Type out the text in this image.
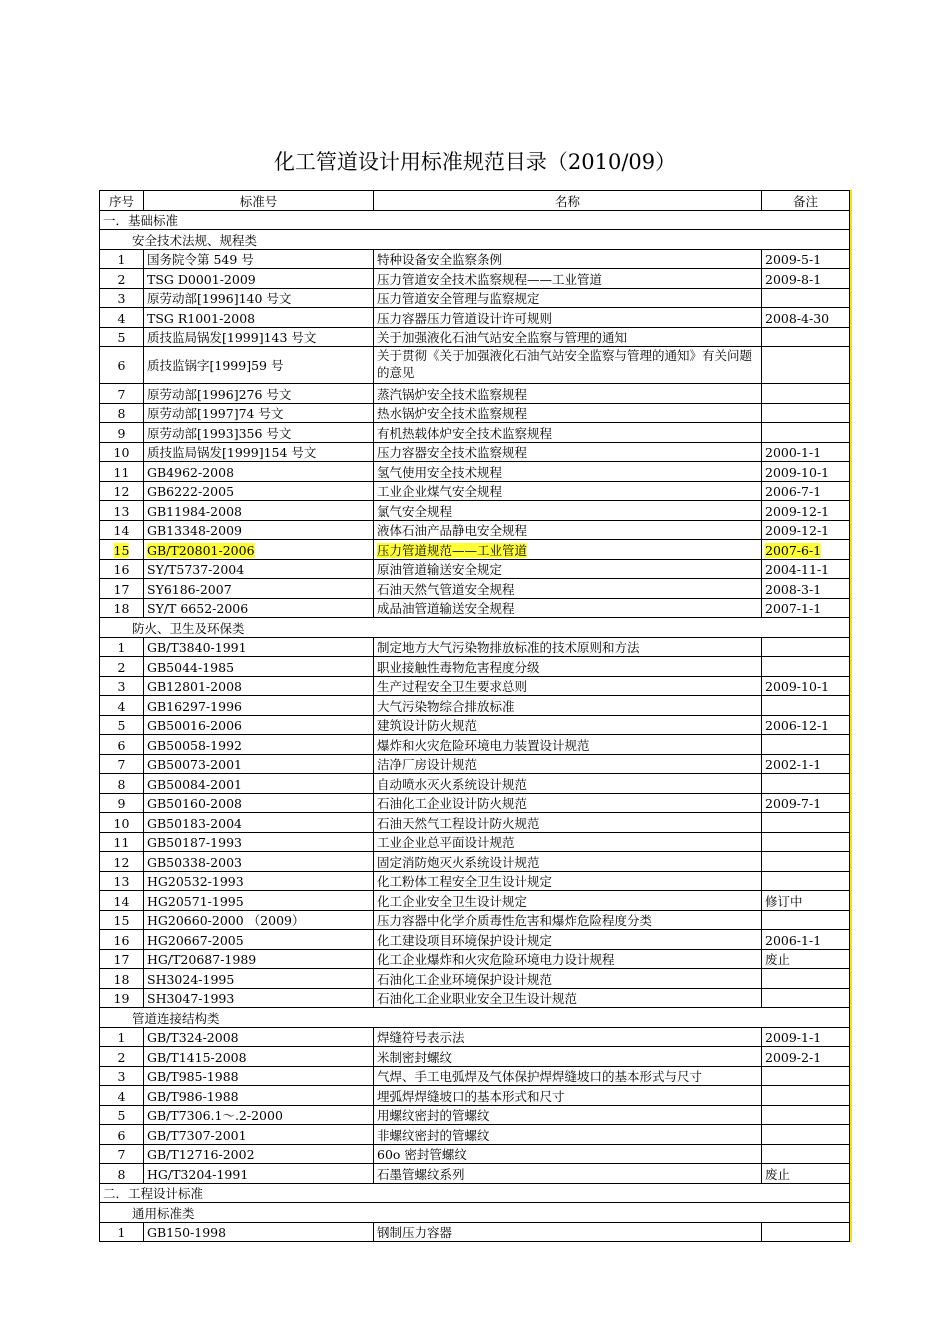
化工管道设计用标准规范目录（2010/09）
序号	标准号	名称	备注
一．基础标准			
安全技术法规、规程类			
1	国务院令第 549 号	特种设备安全监察条例	2009-5-1
2	TSG D0001-2009	压力管道安全技术监察规程——工业管道	2009-8-1
3	原劳动部[1996]140 号文	压力管道安全管理与监察规定	
4	TSG R1001-2008	压力容器压力管道设计许可规则	2008-4-30
5	质技监局锅发[1999]143 号文	关于加强液化石油气站安全监察与管理的通知	
6	质技监锅字[1999]59 号	关于贯彻《关于加强液化石油气站安全监察与管理的通知》有关问题的意见	
7	原劳动部[1996]276 号文	蒸汽锅炉安全技术监察规程	
8	原劳动部[1997]74 号文	热水锅炉安全技术监察规程	
9	原劳动部[1993]356 号文	有机热载体炉安全技术监察规程	
10	质技监局锅发[1999]154 号文	压力容器安全技术监察规程	2000-1-1
11	GB4962-2008	氢气使用安全技术规程	2009-10-1
12	GB6222-2005	工业企业煤气安全规程	2006-7-1
13	GB11984-2008	氯气安全规程	2009-12-1
14	GB13348-2009	液体石油产品静电安全规程	2009-12-1
15	GB/T20801-2006	压力管道规范——工业管道	2007-6-1
16	SY/T5737-2004	原油管道输送安全规定	2004-11-1
17	SY6186-2007	石油天然气管道安全规程	2008-3-1
18	SY/T 6652-2006	成品油管道输送安全规程	2007-1-1
防火、卫生及环保类			
1	GB/T3840-1991	制定地方大气污染物排放标准的技术原则和方法	
2	GB5044-1985	职业接触性毒物危害程度分级	
3	GB12801-2008	生产过程安全卫生要求总则	2009-10-1
4	GB16297-1996	大气污染物综合排放标准	
5	GB50016-2006	建筑设计防火规范	2006-12-1
6	GB50058-1992	爆炸和火灾危险环境电力装置设计规范	
7	GB50073-2001	洁净厂房设计规范	2002-1-1
8	GB50084-2001	自动喷水灭火系统设计规范	
9	GB50160-2008	石油化工企业设计防火规范	2009-7-1
10	GB50183-2004	石油天然气工程设计防火规范	
11	GB50187-1993	工业企业总平面设计规范	
12	GB50338-2003	固定消防炮灭火系统设计规范	
13	HG20532-1993	化工粉体工程安全卫生设计规定	
14	HG20571-1995	化工企业安全卫生设计规定	修订中
15	HG20660-2000 （2009）	压力容器中化学介质毒性危害和爆炸危险程度分类	
16	HG20667-2005	化工建设项目环境保护设计规定	2006-1-1
17	HG/T20687-1989	化工企业爆炸和火灾危险环境电力设计规程	废止
18	SH3024-1995	石油化工企业环境保护设计规范	
19	SH3047-1993	石油化工企业职业安全卫生设计规范	
管道连接结构类			
1	GB/T324-2008	焊缝符号表示法	2009-1-1
2	GB/T1415-2008	米制密封螺纹	2009-2-1
3	GB/T985-1988	气焊、手工电弧焊及气体保护焊焊缝坡口的基本形式与尺寸	
4	GB/T986-1988	埋弧焊焊缝坡口的基本形式和尺寸	
5	GB/T7306.1～.2-2000	用螺纹密封的管螺纹	
6	GB/T7307-2001	非螺纹密封的管螺纹	
7	GB/T12716-2002	60o 密封管螺纹	
8	HG/T3204-1991	石墨管螺纹系列	废止
二．工程设计标准			
通用标准类			
1	GB150-1998	钢制压力容器	
